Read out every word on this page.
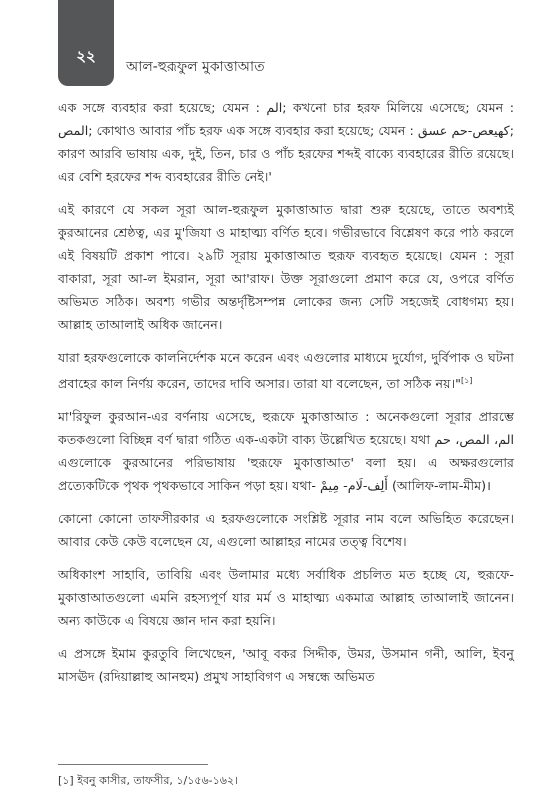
২২
আল-হুরূফুল মুকাত্তাআত

এক সঙ্গে ব্যবহার করা হয়েছে; যেমন : الم; কখনো চার হরফ মিলিয়ে এসেছে; যেমন : المص; কোথাও আবার পাঁচ হরফ এক সঙ্গে ব্যবহার করা হয়েছে; যেমন : كهيعص-حم عسق; কারণ আরবি ভাষায় এক, দুই, তিন, চার ও পাঁচ হরফের শব্দই বাক্যে ব্যবহারের রীতি রয়েছে। এর বেশি হরফের শব্দ ব্যবহারের রীতি নেই।'

এই কারণে যে সকল সূরা আল-হুরূফুল মুকাত্তাআত দ্বারা শুরু হয়েছে, তাতে অবশ্যই কুরআনের শ্রেষ্ঠত্ব, এর মু'জিযা ও মাহাত্ম্য বর্ণিত হবে। গভীরভাবে বিশ্লেষণ করে পাঠ করলে এই বিষয়টি প্রকাশ পাবে। ২৯টি সূরায় মুকাত্তাআত হুরূফ ব্যবহৃত হয়েছে। যেমন : সূরা বাকারা, সূরা আ-ল ইমরান, সূরা আ'রাফ। উক্ত সূরাগুলো প্রমাণ করে যে, ওপরে বর্ণিত অভিমত সঠিক। অবশ্য গভীর অন্তর্দৃষ্টিসম্পন্ন লোকের জন্য সেটি সহজেই বোধগম্য হয়। আল্লাহ তাআলাই অধিক জানেন।

যারা হরফগুলোকে কালনির্দেশক মনে করেন এবং এগুলোর মাধ্যমে দুর্যোগ, দুর্বিপাক ও ঘটনা প্রবাহের কাল নির্ণয় করেন, তাদের দাবি অসার। তারা যা বলেছেন, তা সঠিক নয়।"[১]

মা'রিফুল কুরআন-এর বর্ণনায় এসেছে, হুরূফে মুকাত্তাআত : অনেকগুলো সূরার প্রারম্ভে কতকগুলো বিচ্ছিন্ন বর্ণ দ্বারা গঠিত এক-একটা বাক্য উল্লেখিত হয়েছে। যথা الم، المص، حم এগুলোকে কুরআনের পরিভাষায় 'হুরূফে মুকাত্তাআত' বলা হয়। এ অক্ষরগুলোর প্রত্যেকটিকে পৃথক পৃথকভাবে সাকিন পড়া হয়। যথা- أَلِف-لَام- مِيمْ (আলিফ-লাম-মীম)।

কোনো কোনো তাফসীরকার এ হরফগুলোকে সংশ্লিষ্ট সূরার নাম বলে অভিহিত করেছেন। আবার কেউ কেউ বলেছেন যে, এগুলো আল্লাহর নামের তত্ত্ব বিশেষ।

অধিকাংশ সাহাবি, তাবিয়ি এবং উলামার মধ্যে সর্বাধিক প্রচলিত মত হচ্ছে যে, হুরূফে-মুকাত্তাআতগুলো এমনি রহস্যপূর্ণ যার মর্ম ও মাহাত্ম্য একমাত্র আল্লাহ তাআলাই জানেন। অন্য কাউকে এ বিষয়ে জ্ঞান দান করা হয়নি।

এ প্রসঙ্গে ইমাম কুরতুবি লিখেছেন, 'আবূ বকর সিদ্দীক, উমর, উসমান গনী, আলি, ইবনু মাসঊদ (রদিয়াল্লাহু আনহুম) প্রমুখ সাহাবিগণ এ সম্বন্ধে অভিমত

[১] ইবনু কাসীর, তাফসীর, ১/১৫৬-১৬২।
